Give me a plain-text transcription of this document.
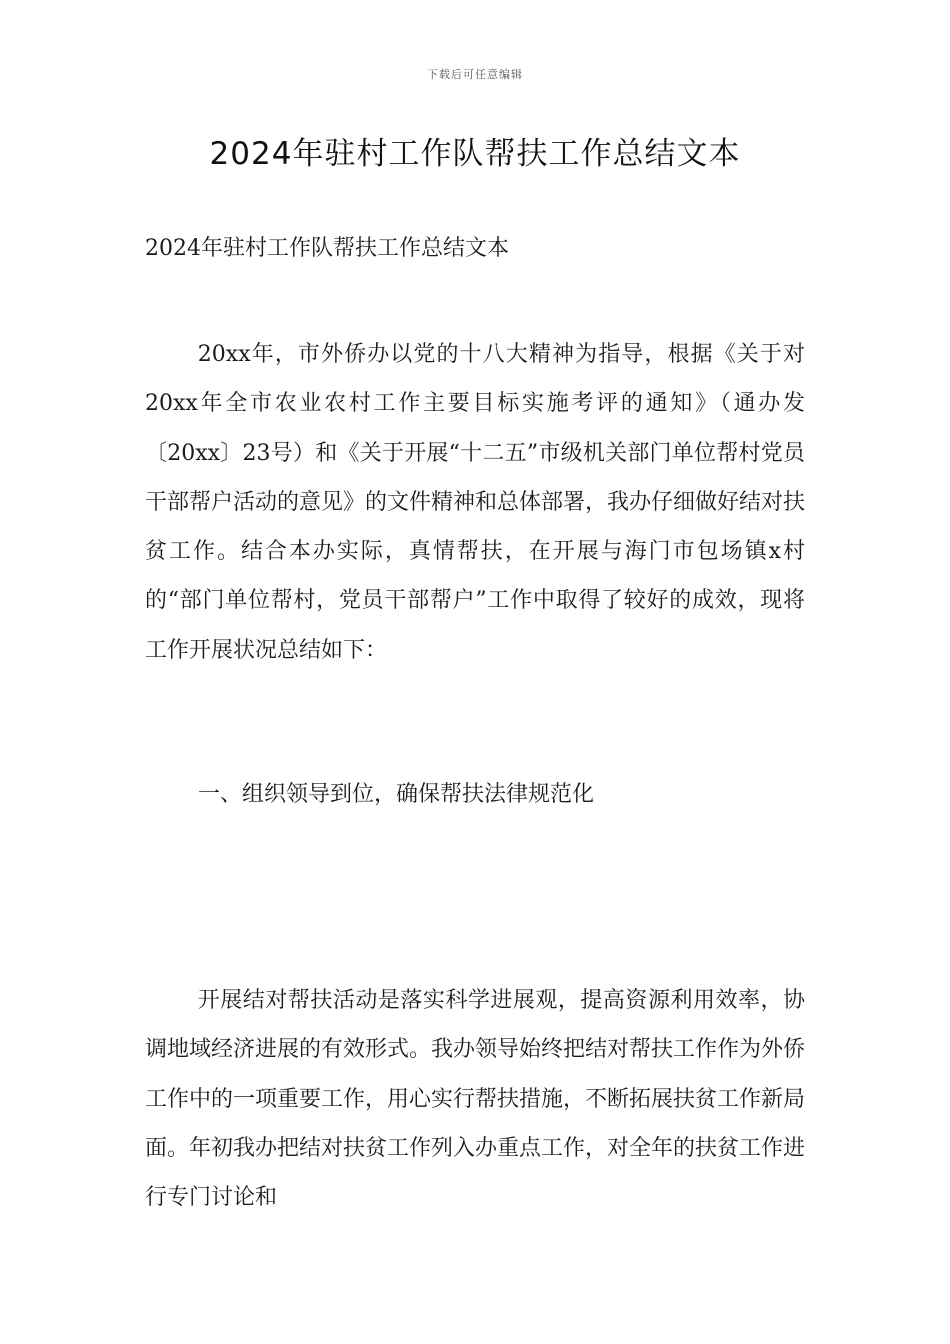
下载后可任意编辑
2024年驻村工作队帮扶工作总结文本
2024年驻村工作队帮扶工作总结文本

20xx年，市外侨办以党的十八大精神为指导，根据《关于对20xx年全市农业农村工作主要目标实施考评的通知》（通办发〔20xx〕23号）和《关于开展“十二五”市级机关部门单位帮村党员干部帮户活动的意见》的文件精神和总体部署，我办仔细做好结对扶贫工作。结合本办实际，真情帮扶，在开展与海门市包场镇x村的“部门单位帮村，党员干部帮户”工作中取得了较好的成效，现将工作开展状况总结如下：

一、组织领导到位，确保帮扶法律规范化

开展结对帮扶活动是落实科学进展观，提高资源利用效率，协调地域经济进展的有效形式。我办领导始终把结对帮扶工作作为外侨工作中的一项重要工作，用心实行帮扶措施，不断拓展扶贫工作新局面。年初我办把结对扶贫工作列入办重点工作，对全年的扶贫工作进行专门讨论和
